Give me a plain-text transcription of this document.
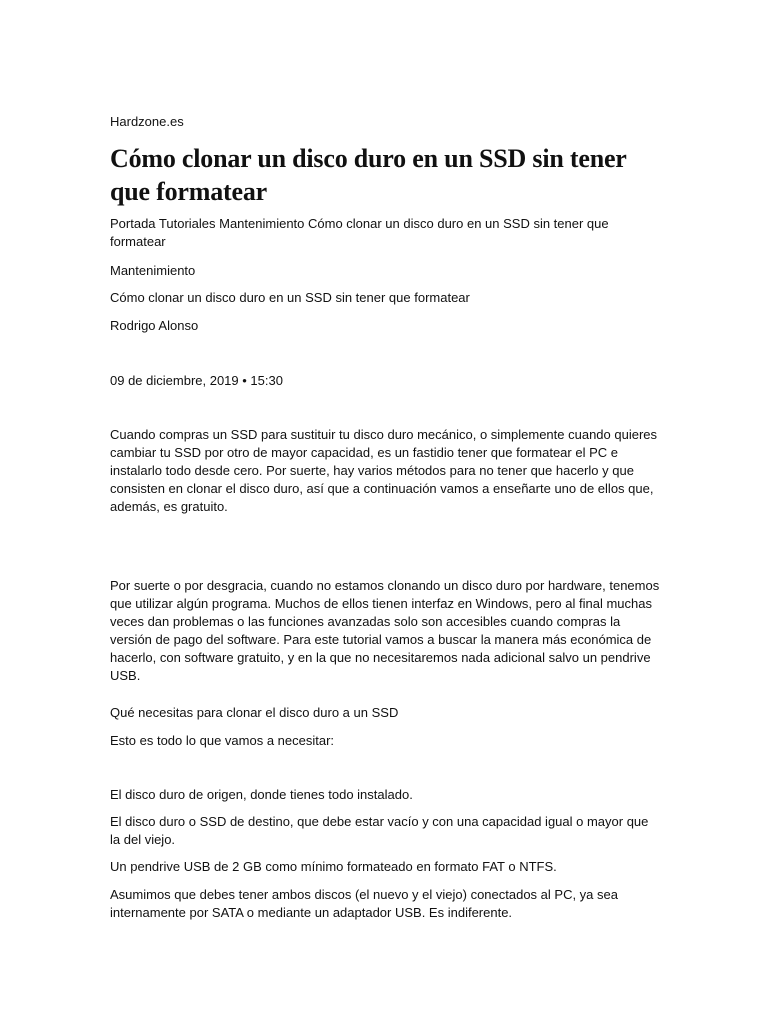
Hardzone.es

Cómo clonar un disco duro en un SSD sin tener que formatear

Portada Tutoriales Mantenimiento Cómo clonar un disco duro en un SSD sin tener que formatear

Mantenimiento

Cómo clonar un disco duro en un SSD sin tener que formatear

Rodrigo Alonso

09 de diciembre, 2019 • 15:30

Cuando compras un SSD para sustituir tu disco duro mecánico, o simplemente cuando quieres cambiar tu SSD por otro de mayor capacidad, es un fastidio tener que formatear el PC e instalarlo todo desde cero. Por suerte, hay varios métodos para no tener que hacerlo y que consisten en clonar el disco duro, así que a continuación vamos a enseñarte uno de ellos que, además, es gratuito.

Por suerte o por desgracia, cuando no estamos clonando un disco duro por hardware, tenemos que utilizar algún programa. Muchos de ellos tienen interfaz en Windows, pero al final muchas veces dan problemas o las funciones avanzadas solo son accesibles cuando compras la versión de pago del software. Para este tutorial vamos a buscar la manera más económica de hacerlo, con software gratuito, y en la que no necesitaremos nada adicional salvo un pendrive USB.

Qué necesitas para clonar el disco duro a un SSD

Esto es todo lo que vamos a necesitar:

El disco duro de origen, donde tienes todo instalado.

El disco duro o SSD de destino, que debe estar vacío y con una capacidad igual o mayor que la del viejo.

Un pendrive USB de 2 GB como mínimo formateado en formato FAT o NTFS.

Asumimos que debes tener ambos discos (el nuevo y el viejo) conectados al PC, ya sea internamente por SATA o mediante un adaptador USB. Es indiferente.
